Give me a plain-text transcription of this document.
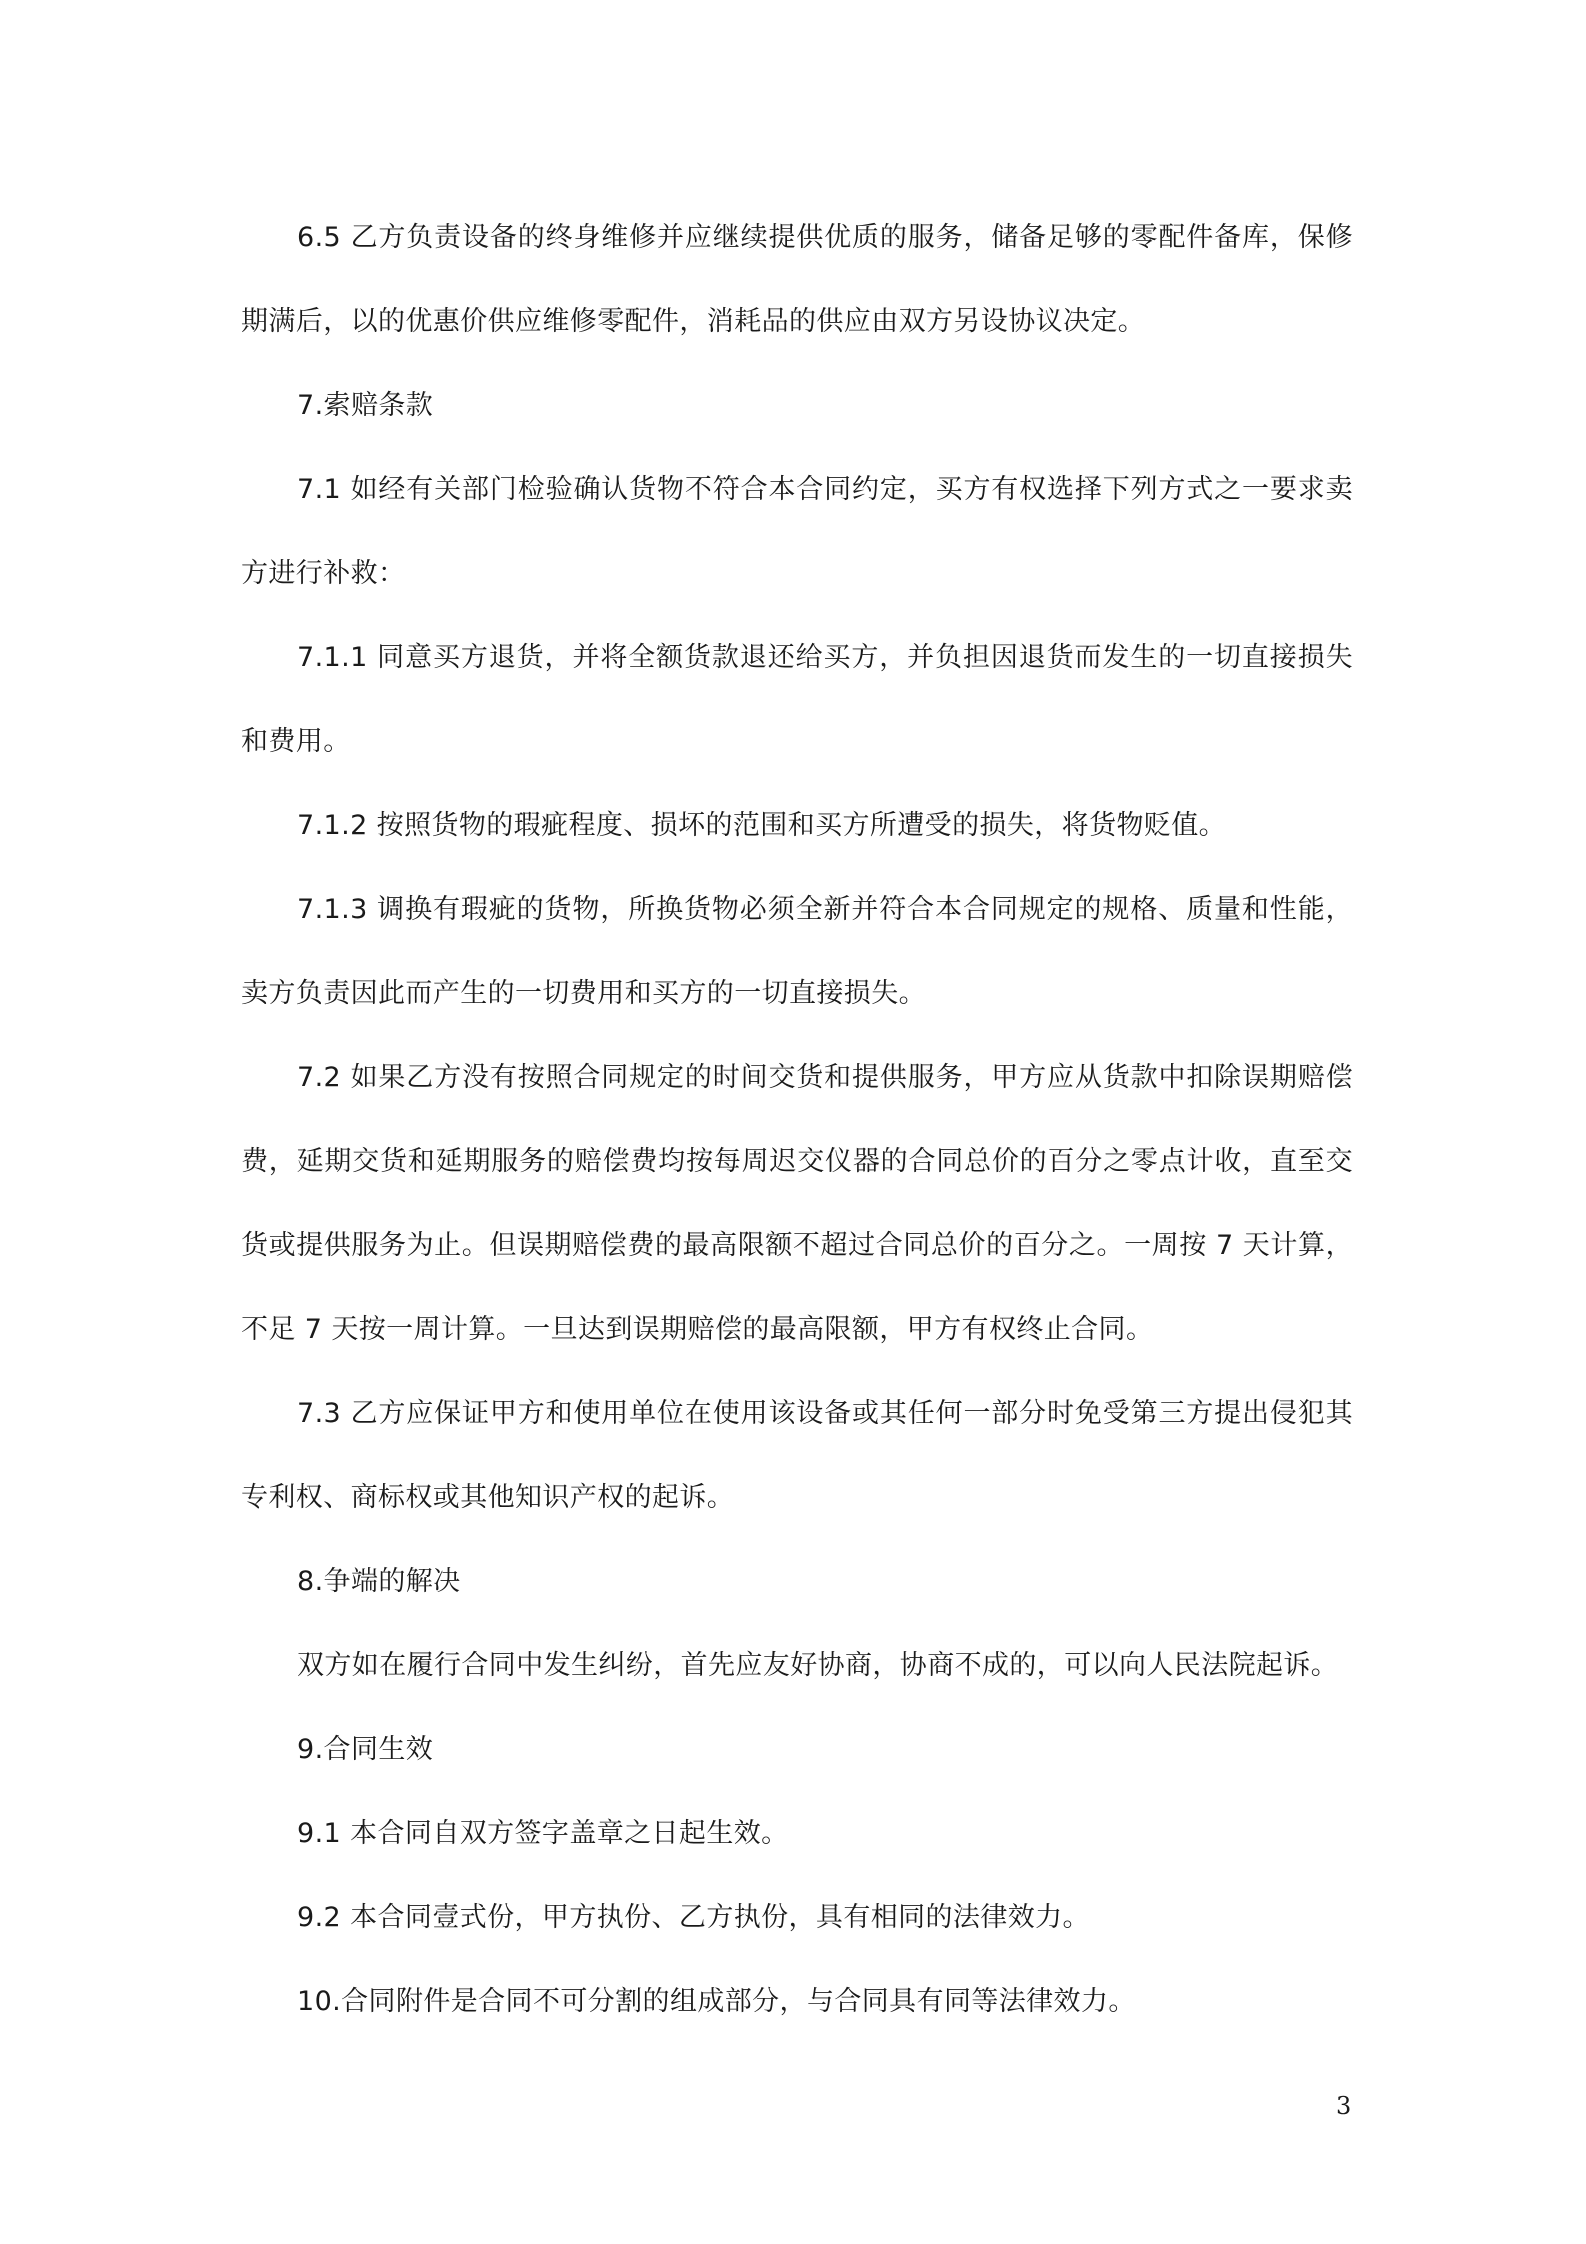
6.5 乙方负责设备的终身维修并应继续提供优质的服务，储备足够的零配件备库，保修期满后，以的优惠价供应维修零配件，消耗品的供应由双方另设协议决定。

7.索赔条款

7.1 如经有关部门检验确认货物不符合本合同约定，买方有权选择下列方式之一要求卖方进行补救：

7.1.1 同意买方退货，并将全额货款退还给买方，并负担因退货而发生的一切直接损失和费用。

7.1.2 按照货物的瑕疵程度、损坏的范围和买方所遭受的损失，将货物贬值。

7.1.3 调换有瑕疵的货物，所换货物必须全新并符合本合同规定的规格、质量和性能，卖方负责因此而产生的一切费用和买方的一切直接损失。

7.2 如果乙方没有按照合同规定的时间交货和提供服务，甲方应从货款中扣除误期赔偿费，延期交货和延期服务的赔偿费均按每周迟交仪器的合同总价的百分之零点计收，直至交货或提供服务为止。但误期赔偿费的最高限额不超过合同总价的百分之。一周按 7 天计算，不足 7 天按一周计算。一旦达到误期赔偿的最高限额，甲方有权终止合同。

7.3 乙方应保证甲方和使用单位在使用该设备或其任何一部分时免受第三方提出侵犯其专利权、商标权或其他知识产权的起诉。

8.争端的解决

双方如在履行合同中发生纠纷，首先应友好协商，协商不成的，可以向人民法院起诉。

9.合同生效

9.1 本合同自双方签字盖章之日起生效。

9.2 本合同壹式份，甲方执份、乙方执份，具有相同的法律效力。

10.合同附件是合同不可分割的组成部分，与合同具有同等法律效力。

3
